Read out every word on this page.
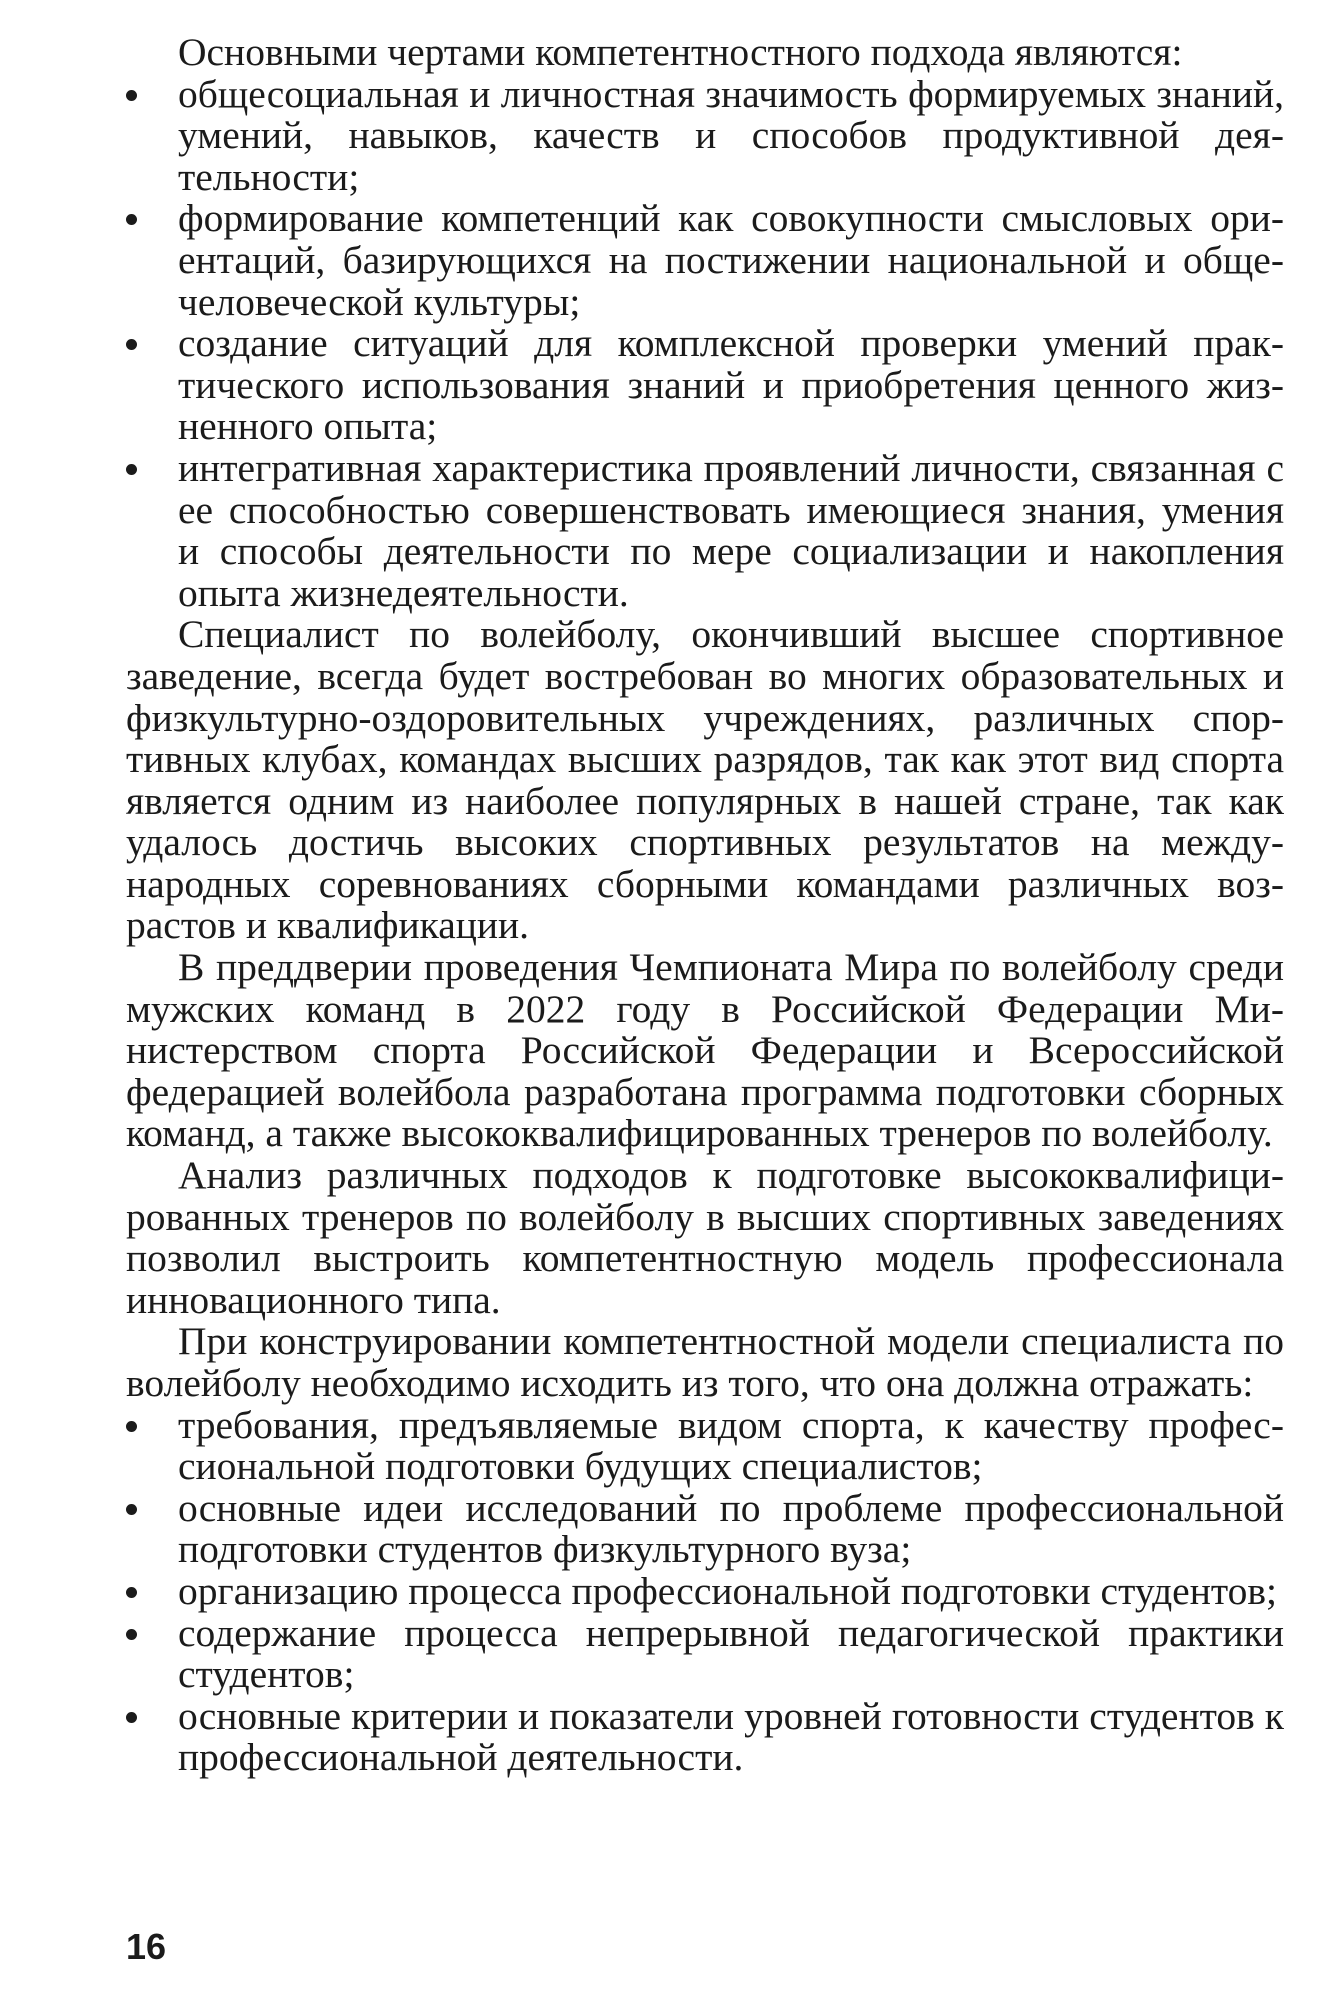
Основными чертами компетентностного подхода являются:

общесоциальная и личностная значимость формируемых знаний, умений, навыков, качеств и способов продуктивной деятельности;
формирование компетенций как совокупности смысловых ориентаций, базирующихся на постижении национальной и общечеловеческой культуры;
создание ситуаций для комплексной проверки умений практического использования знаний и приобретения ценного жизненного опыта;
интегративная характеристика проявлений личности, связанная с ее способностью совершенствовать имеющиеся знания, умения и способы деятельности по мере социализации и накопления опыта жизнедеятельности.

Специалист по волейболу, окончивший высшее спортивное заведение, всегда будет востребован во многих образовательных и физкультурно-оздоровительных учреждениях, различных спортивных клубах, командах высших разрядов, так как этот вид спорта является одним из наиболее популярных в нашей стране, так как удалось достичь высоких спортивных результатов на международных соревнованиях сборными командами различных возрастов и квалификации.

В преддверии проведения Чемпионата Мира по волейболу среди мужских команд в 2022 году в Российской Федерации Министерством спорта Российской Федерации и Всероссийской федерацией волейбола разработана программа подготовки сборных команд, а также высококвалифицированных тренеров по волейболу.

Анализ различных подходов к подготовке высококвалифицированных тренеров по волейболу в высших спортивных заведениях позволил выстроить компетентностную модель профессионала инновационного типа.

При конструировании компетентностной модели специалиста по волейболу необходимо исходить из того, что она должна отражать:

требования, предъявляемые видом спорта, к качеству профессиональной подготовки будущих специалистов;
основные идеи исследований по проблеме профессиональной подготовки студентов физкультурного вуза;
организацию процесса профессиональной подготовки студентов;
содержание процесса непрерывной педагогической практики студентов;
основные критерии и показатели уровней готовности студентов к профессиональной деятельности.
16
